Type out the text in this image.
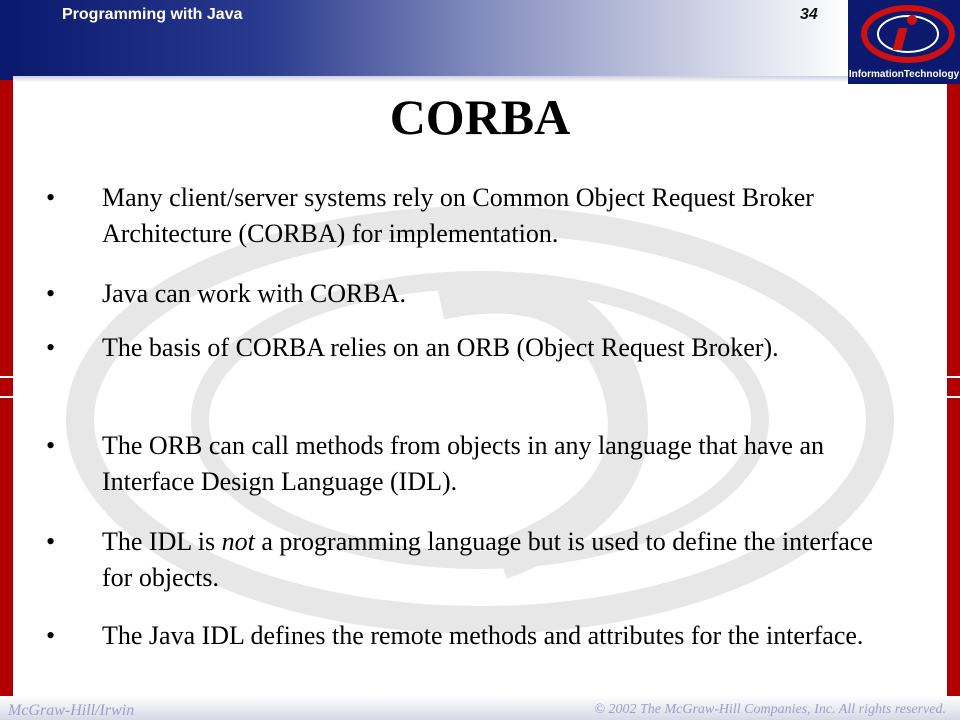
Programming with Java	34
InformationTechnology
CORBA
• Many client/server systems rely on Common Object Request Broker Architecture (CORBA) for implementation.
• Java can work with CORBA.
• The basis of CORBA relies on an ORB (Object Request Broker).
• The ORB can call methods from objects in any language that have an Interface Design Language (IDL).
• The IDL is not a programming language but is used to define the interface for objects.
• The Java IDL defines the remote methods and attributes for the interface.
McGraw-Hill/Irwin	© 2002 The McGraw-Hill Companies, Inc. All rights reserved.
